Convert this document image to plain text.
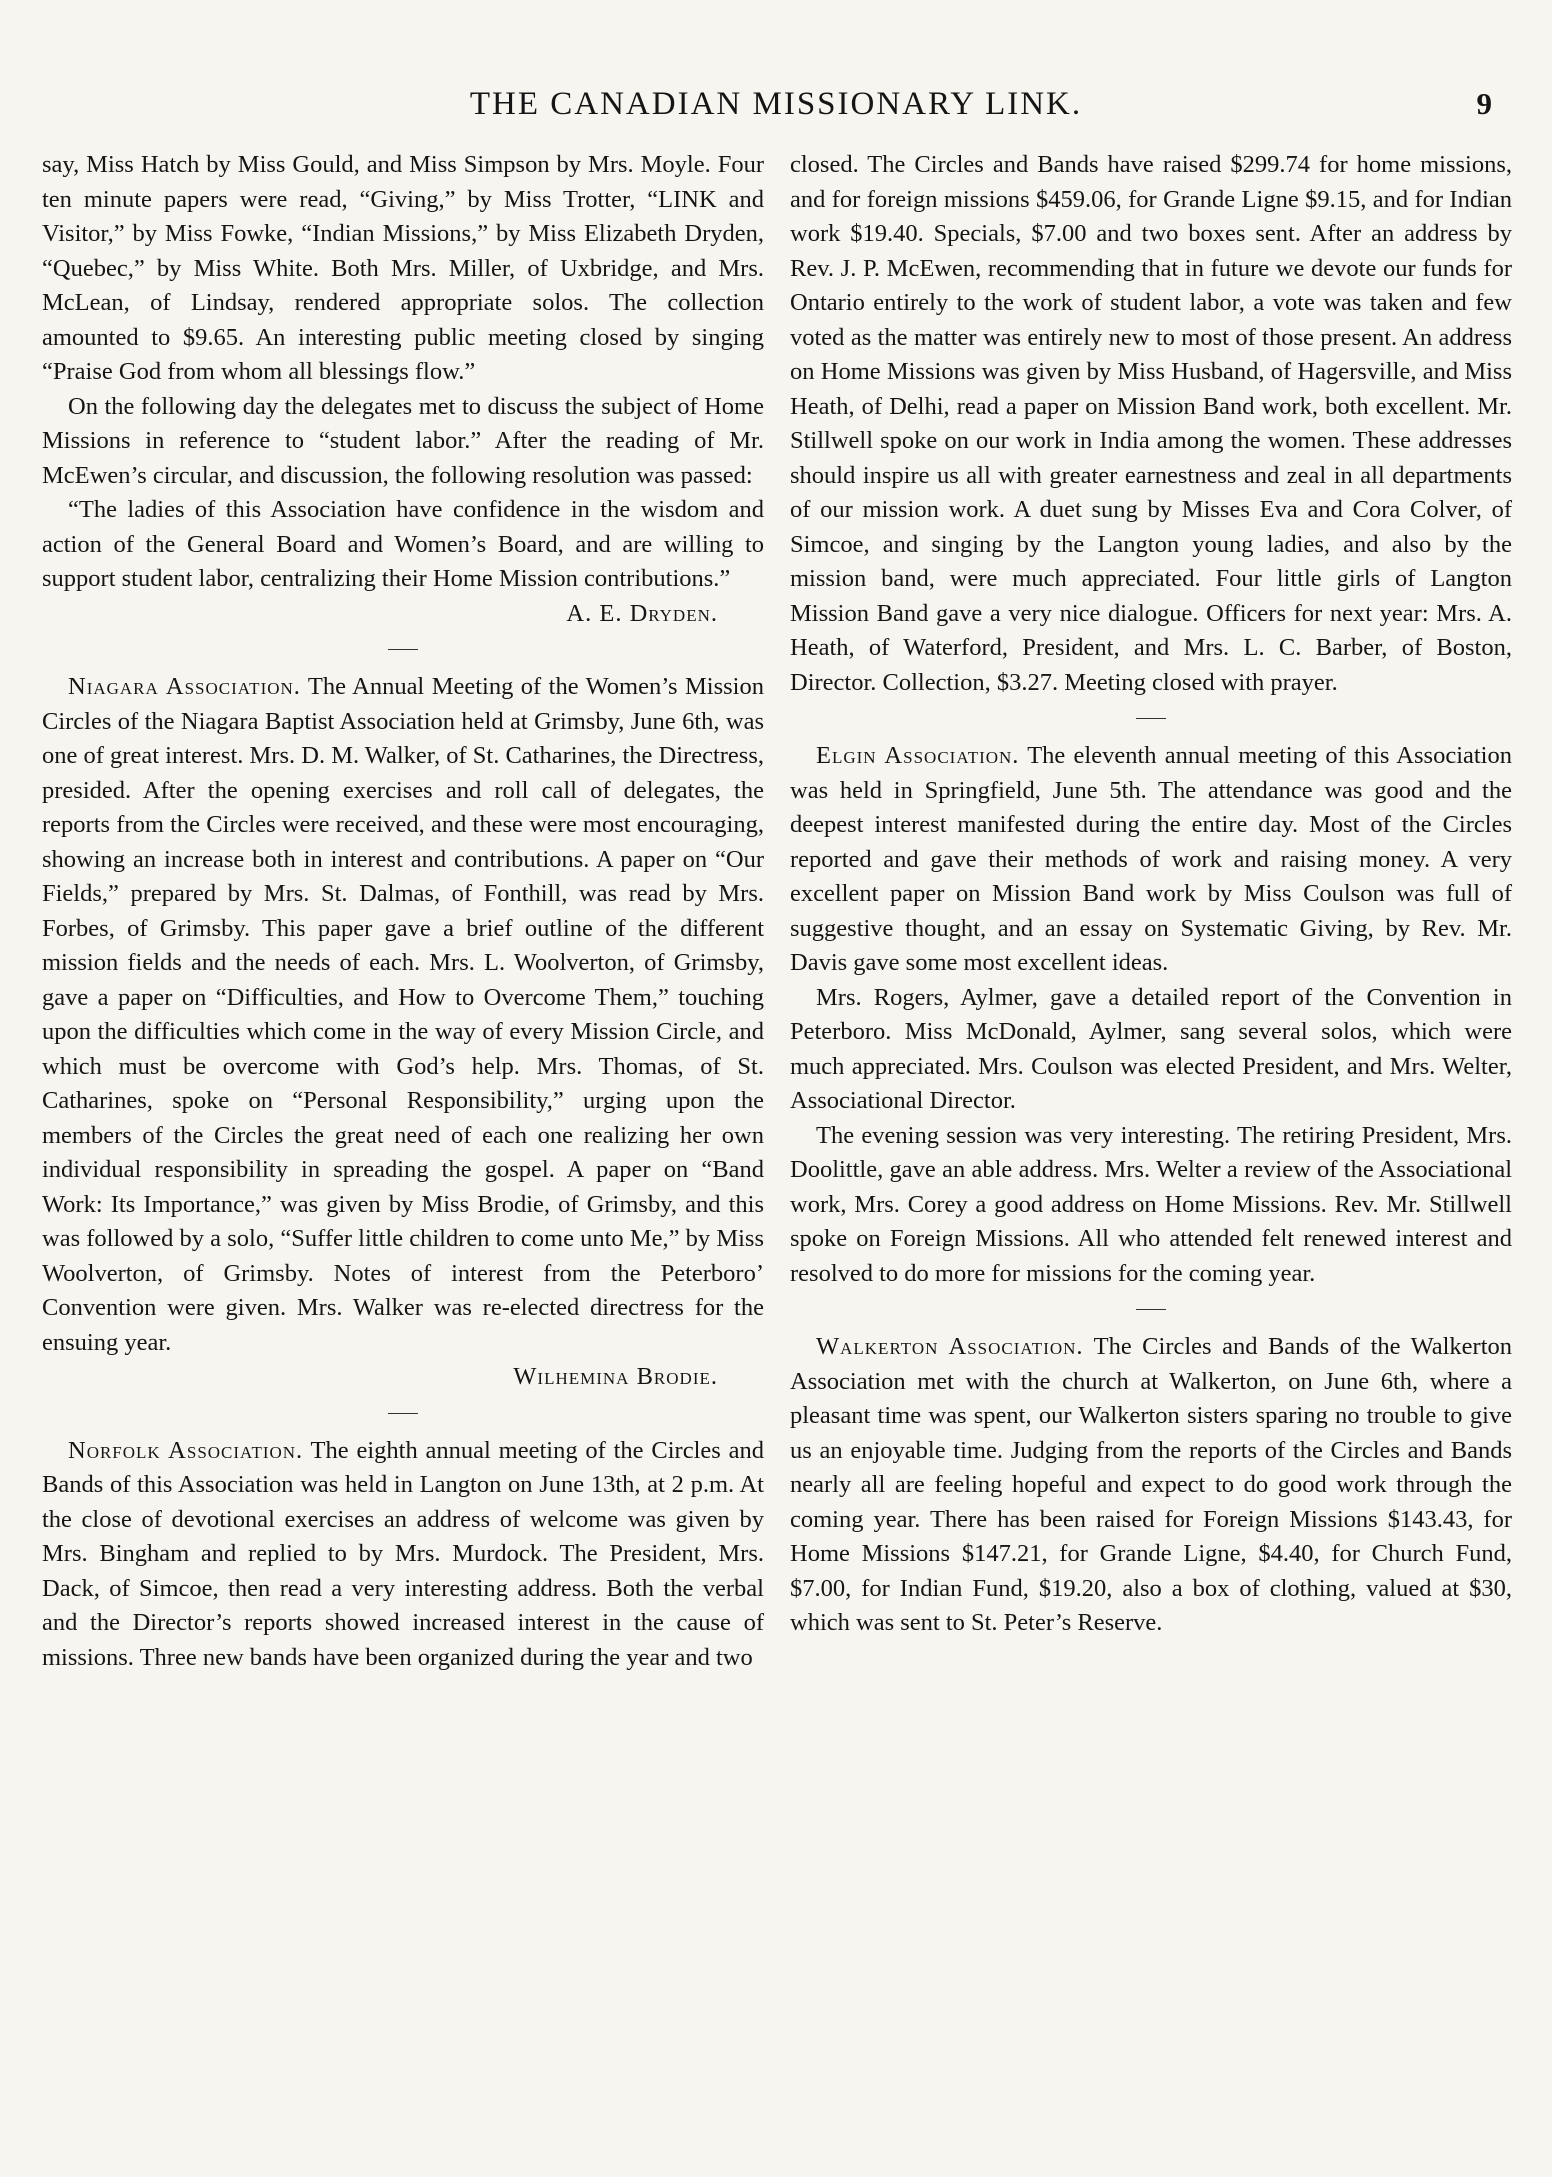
THE CANADIAN MISSIONARY LINK.	9

say, Miss Hatch by Miss Gould, and Miss Simpson by Mrs. Moyle. Four ten minute papers were read, “Giving,” by Miss Trotter, “LINK and Visitor,” by Miss Fowke, “Indian Missions,” by Miss Elizabeth Dryden, “Quebec,” by Miss White. Both Mrs. Miller, of Uxbridge, and Mrs. McLean, of Lindsay, rendered appropriate solos. The collection amounted to $9.65. An interesting public meeting closed by singing “Praise God from whom all blessings flow.”

On the following day the delegates met to discuss the subject of Home Missions in reference to “student labor.” After the reading of Mr. McEwen’s circular, and discussion, the following resolution was passed:

“The ladies of this Association have confidence in the wisdom and action of the General Board and Women’s Board, and are willing to support student labor, centralizing their Home Mission contributions.”

A. E. Dryden.

Niagara Association. The Annual Meeting of the Women’s Mission Circles of the Niagara Baptist Association held at Grimsby, June 6th, was one of great interest. Mrs. D. M. Walker, of St. Catharines, the Directress, presided. After the opening exercises and roll call of delegates, the reports from the Circles were received, and these were most encouraging, showing an increase both in interest and contributions. A paper on “Our Fields,” prepared by Mrs. St. Dalmas, of Fonthill, was read by Mrs. Forbes, of Grimsby. This paper gave a brief outline of the different mission fields and the needs of each. Mrs. L. Woolverton, of Grimsby, gave a paper on “Difficulties, and How to Overcome Them,” touching upon the difficulties which come in the way of every Mission Circle, and which must be overcome with God’s help. Mrs. Thomas, of St. Catharines, spoke on “Personal Responsibility,” urging upon the members of the Circles the great need of each one realizing her own individual responsibility in spreading the gospel. A paper on “Band Work: Its Importance,” was given by Miss Brodie, of Grimsby, and this was followed by a solo, “Suffer little children to come unto Me,” by Miss Woolverton, of Grimsby. Notes of interest from the Peterboro’ Convention were given. Mrs. Walker was re-elected directress for the ensuing year.

Wilhemina Brodie.

Norfolk Association. The eighth annual meeting of the Circles and Bands of this Association was held in Langton on June 13th, at 2 p.m. At the close of devotional exercises an address of welcome was given by Mrs. Bingham and replied to by Mrs. Murdock. The President, Mrs. Dack, of Simcoe, then read a very interesting address. Both the verbal and the Director’s reports showed increased interest in the cause of missions. Three new bands have been organized during the year and two

closed. The Circles and Bands have raised $299.74 for home missions, and for foreign missions $459.06, for Grande Ligne $9.15, and for Indian work $19.40. Specials, $7.00 and two boxes sent. After an address by Rev. J. P. McEwen, recommending that in future we devote our funds for Ontario entirely to the work of student labor, a vote was taken and few voted as the matter was entirely new to most of those present. An address on Home Missions was given by Miss Husband, of Hagersville, and Miss Heath, of Delhi, read a paper on Mission Band work, both excellent. Mr. Stillwell spoke on our work in India among the women. These addresses should inspire us all with greater earnestness and zeal in all departments of our mission work. A duet sung by Misses Eva and Cora Colver, of Simcoe, and singing by the Langton young ladies, and also by the mission band, were much appreciated. Four little girls of Langton Mission Band gave a very nice dialogue. Officers for next year: Mrs. A. Heath, of Waterford, President, and Mrs. L. C. Barber, of Boston, Director. Collection, $3.27. Meeting closed with prayer.

Elgin Association. The eleventh annual meeting of this Association was held in Springfield, June 5th. The attendance was good and the deepest interest manifested during the entire day. Most of the Circles reported and gave their methods of work and raising money. A very excellent paper on Mission Band work by Miss Coulson was full of suggestive thought, and an essay on Systematic Giving, by Rev. Mr. Davis gave some most excellent ideas.

Mrs. Rogers, Aylmer, gave a detailed report of the Convention in Peterboro. Miss McDonald, Aylmer, sang several solos, which were much appreciated. Mrs. Coulson was elected President, and Mrs. Welter, Associational Director.

The evening session was very interesting. The retiring President, Mrs. Doolittle, gave an able address. Mrs. Welter a review of the Associational work, Mrs. Corey a good address on Home Missions. Rev. Mr. Stillwell spoke on Foreign Missions. All who attended felt renewed interest and resolved to do more for missions for the coming year.

Walkerton Association. The Circles and Bands of the Walkerton Association met with the church at Walkerton, on June 6th, where a pleasant time was spent, our Walkerton sisters sparing no trouble to give us an enjoyable time. Judging from the reports of the Circles and Bands nearly all are feeling hopeful and expect to do good work through the coming year. There has been raised for Foreign Missions $143.43, for Home Missions $147.21, for Grande Ligne, $4.40, for Church Fund, $7.00, for Indian Fund, $19.20, also a box of clothing, valued at $30, which was sent to St. Peter’s Reserve.
